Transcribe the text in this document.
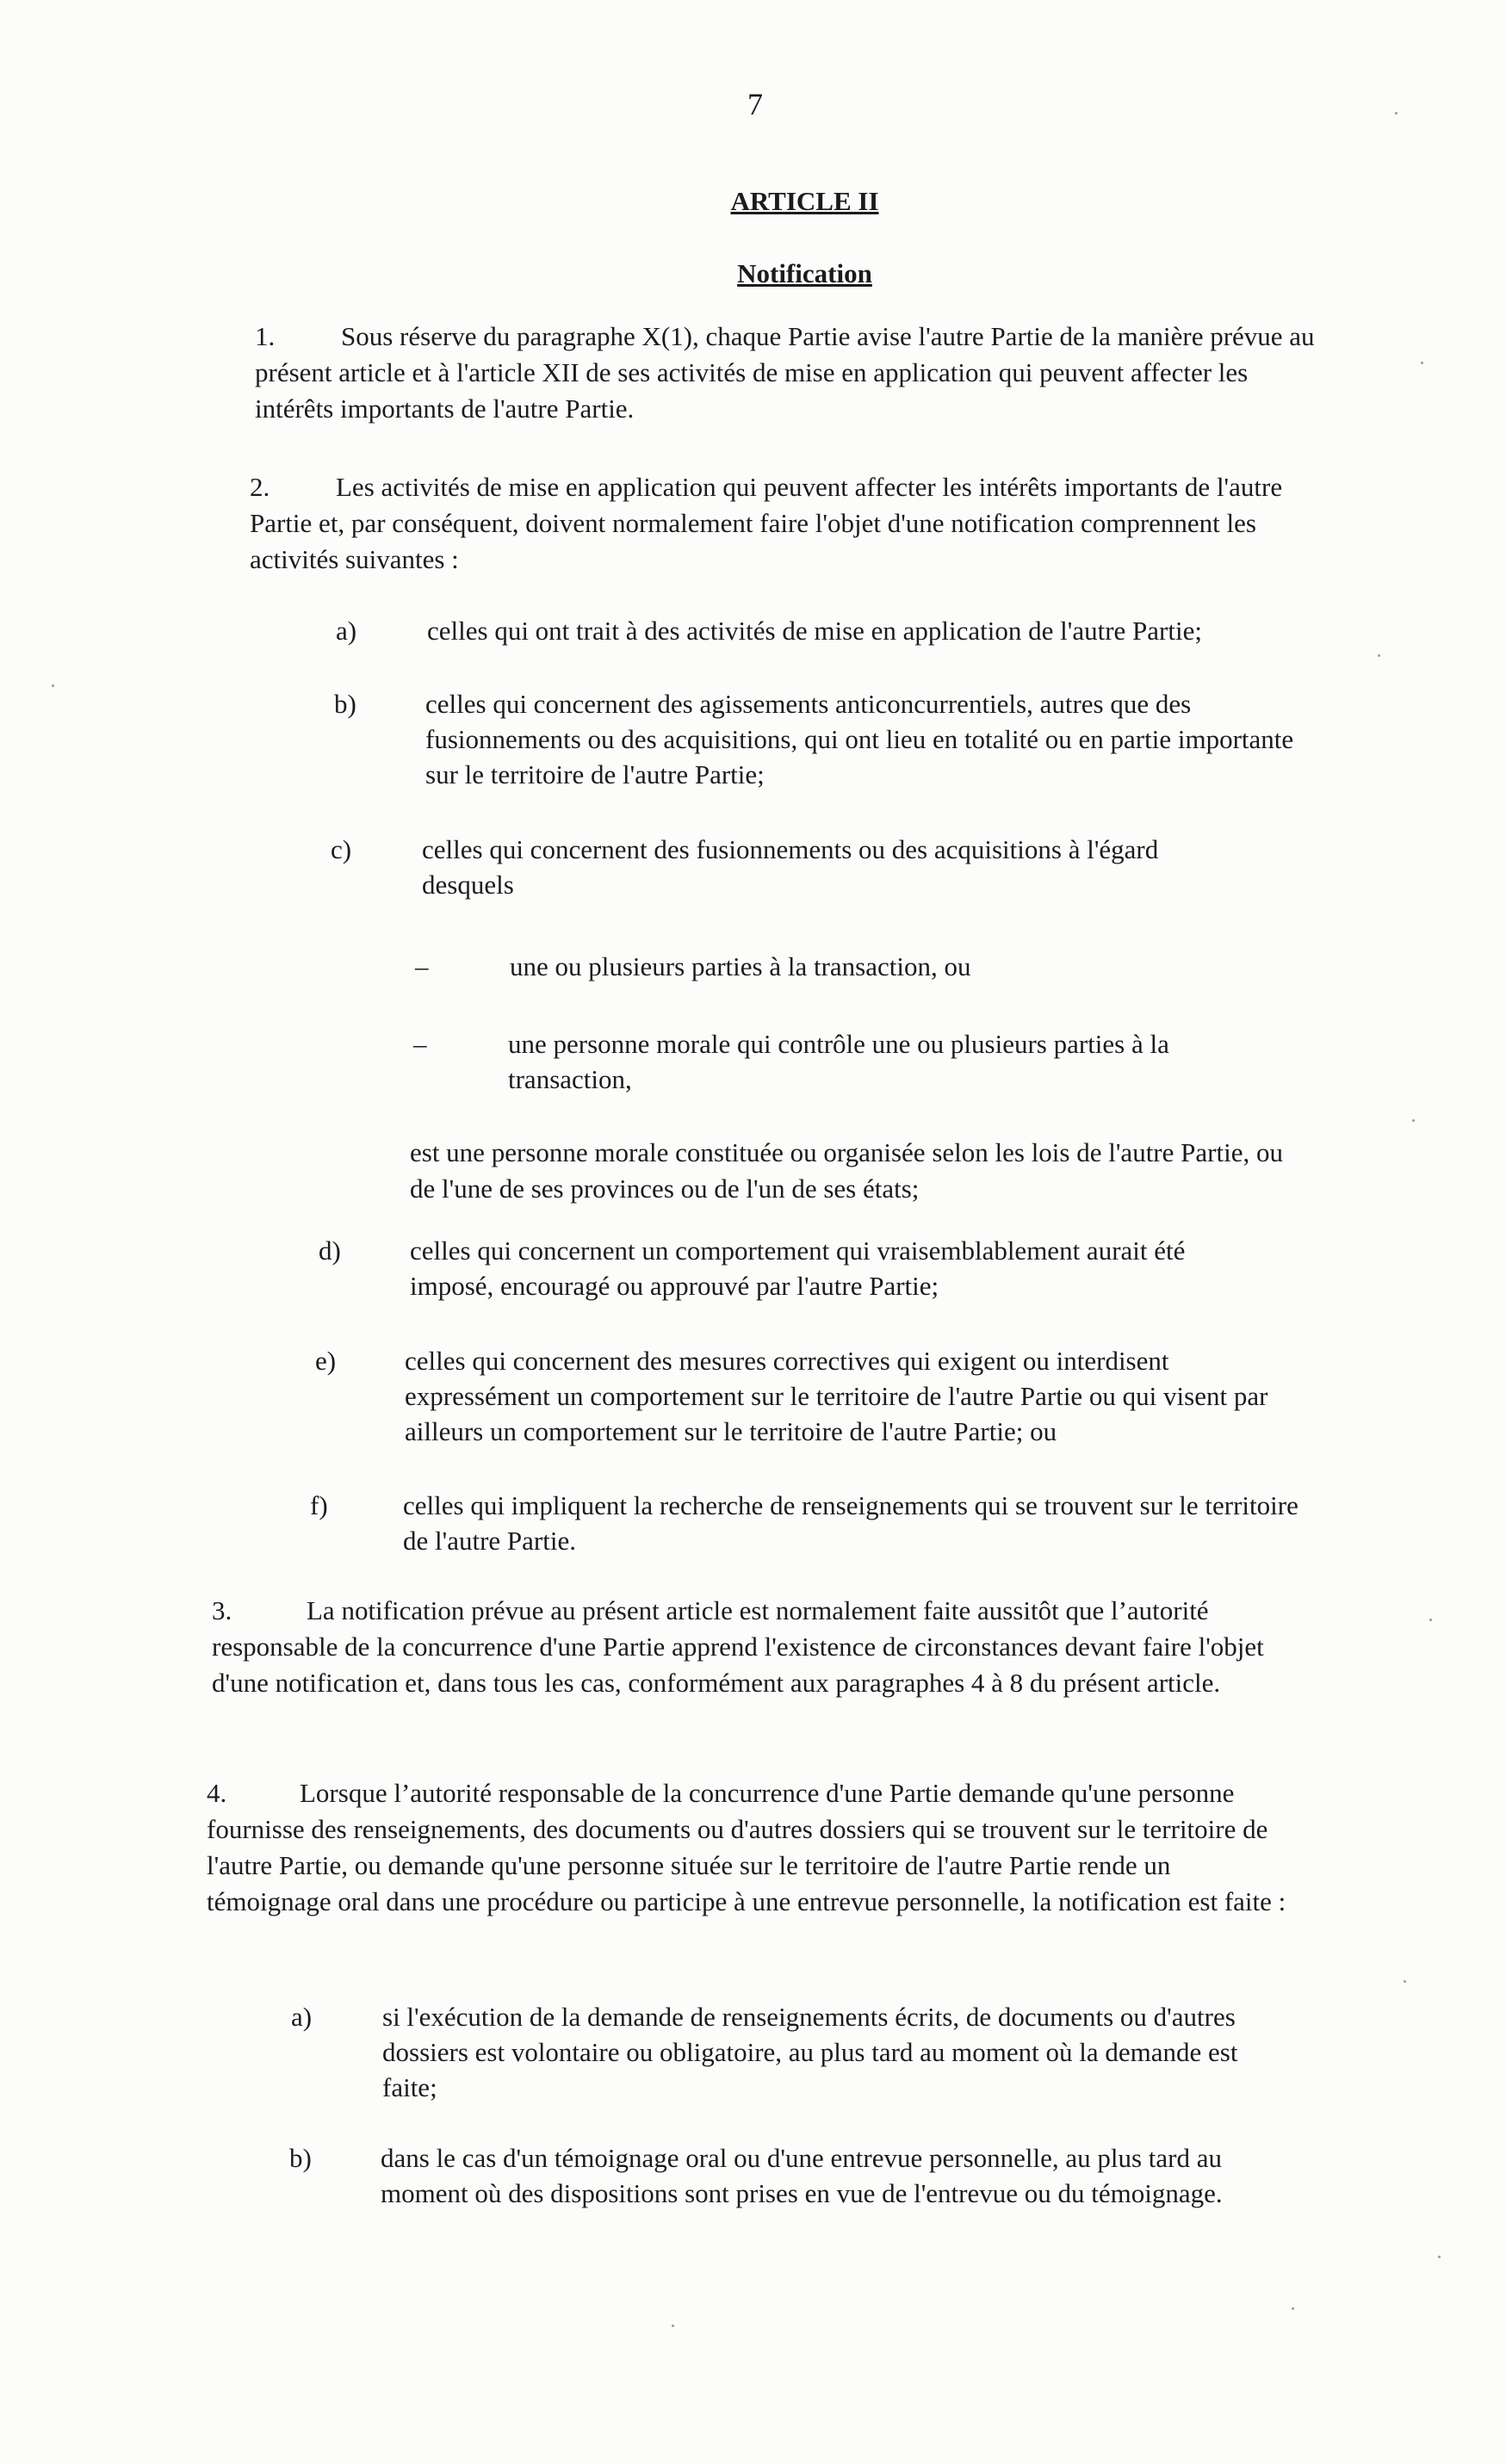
7
ARTICLE II
Notification

1. Sous réserve du paragraphe X(1), chaque Partie avise l'autre Partie de la manière prévue au présent article et à l'article XII de ses activités de mise en application qui peuvent affecter les intérêts importants de l'autre Partie.

2. Les activités de mise en application qui peuvent affecter les intérêts importants de l'autre Partie et, par conséquent, doivent normalement faire l'objet d'une notification comprennent les activités suivantes :

a)	celles qui ont trait à des activités de mise en application de l'autre Partie;
b)	celles qui concernent des agissements anticoncurrentiels, autres que des fusionnements ou des acquisitions, qui ont lieu en totalité ou en partie importante sur le territoire de l'autre Partie;
c)	celles qui concernent des fusionnements ou des acquisitions à l'égard desquels
–	une ou plusieurs parties à la transaction, ou
–	une personne morale qui contrôle une ou plusieurs parties à la transaction,

est une personne morale constituée ou organisée selon les lois de l'autre Partie, ou de l'une de ses provinces ou de l'un de ses états;

d)	celles qui concernent un comportement qui vraisemblablement aurait été imposé, encouragé ou approuvé par l'autre Partie;
e)	celles qui concernent des mesures correctives qui exigent ou interdisent expressément un comportement sur le territoire de l'autre Partie ou qui visent par ailleurs un comportement sur le territoire de l'autre Partie; ou
f)	celles qui impliquent la recherche de renseignements qui se trouvent sur le territoire de l'autre Partie.

3.	La notification prévue au présent article est normalement faite aussitôt que l’autorité responsable de la concurrence d'une Partie apprend l'existence de circonstances devant faire l'objet d'une notification et, dans tous les cas, conformément aux paragraphes 4 à 8 du présent article.

4.	Lorsque l’autorité responsable de la concurrence d'une Partie demande qu'une personne fournisse des renseignements, des documents ou d'autres dossiers qui se trouvent sur le territoire de l'autre Partie, ou demande qu'une personne située sur le territoire de l'autre Partie rende un témoignage oral dans une procédure ou participe à une entrevue personnelle, la notification est faite :

a)	si l'exécution de la demande de renseignements écrits, de documents ou d'autres dossiers est volontaire ou obligatoire, au plus tard au moment où la demande est faite;
b)	dans le cas d'un témoignage oral ou d'une entrevue personnelle, au plus tard au moment où des dispositions sont prises en vue de l'entrevue ou du témoignage.
